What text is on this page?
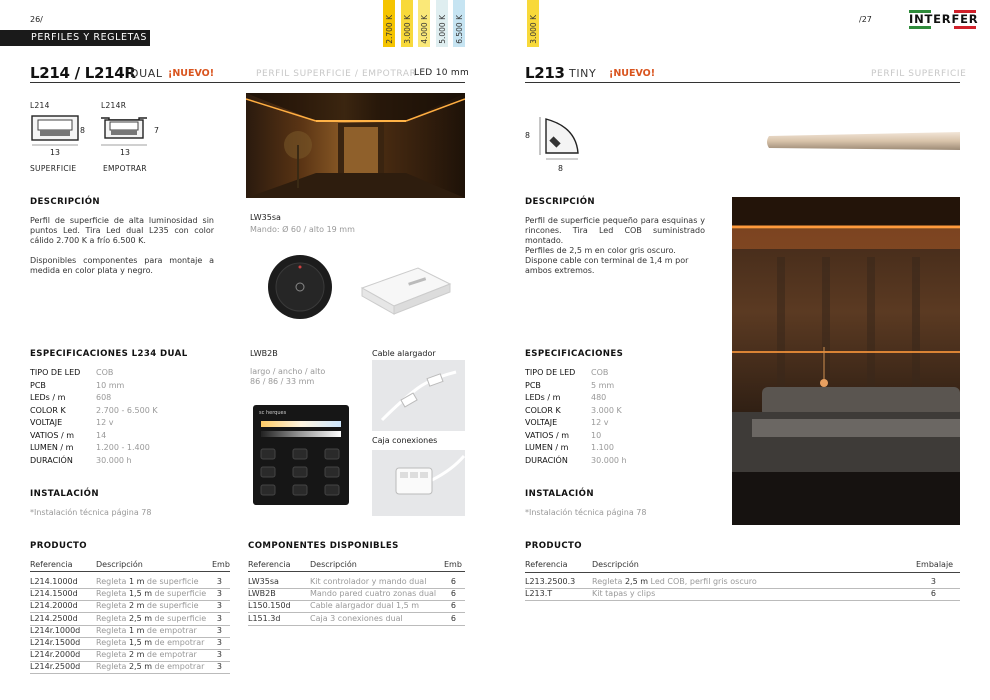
26/
PERFILES Y REGLETAS	2.700 K 3.000 K 4.000 K 5.000 K 6.500 K	3.000 K
L214 / L214R
DUAL ¡NUEVO!	PERFIL SUPERFICIE / EMPOTRAR
LED 10 mm
L214
8
13
SUPERFICIE
L214R
7
13
EMPOTRAR
DESCRIPCIÓN
Perfil de superficie de alta luminosidad sin puntos Led. Tira Led dual L235 con color cálido 2.700 K a frío 6.500 K.
Disponibles componentes para montaje a medida en color plata y negro.
LW35sa
Mando: Ø 60 / alto 19 mm
ESPECIFICACIONES L234 DUAL
TIPO DE LED COB
PCB	10 mm
LEDs / m	608
COLOR K	2.700 - 6.500 K
VOLTAJE	12 v
VATIOS / m	14
LUMEN / m	1.200 - 1.400
DURACIÓN	30.000 h
LWB2B
largo / ancho / alto
86 / 86 / 33 mm
sc herques
Cable alargador
Caja conexiones
INSTALACIÓN
*Instalación técnica página 78
PRODUCTO
Referencia	Descripción	Emb
L214.1000d Regleta 1 m de superficie	3
L214.1500d Regleta 1,5 m de superficie	3
L214.2000d Regleta 2 m de superficie	3
L214.2500d Regleta 2,5 m de superficie	3
L214r.1000d Regleta 1 m de empotrar	3
L214r.1500d Regleta 1,5 m de empotrar	3
L214r.2000d Regleta 2 m de empotrar	3
L214r.2500d Regleta 2,5 m de empotrar	3
COMPONENTES DISPONIBLES
Referencia Descripción	Emb
LW35sa	Kit controlador y mando dual	6
LWB2B	Mando pared cuatro zonas dual	6
L150.150d Cable alargador dual 1,5 m	6
L151.3d	Caja 3 conexiones dual	6
/27	INTERFER
L213 TINY ¡NUEVO!	PERFIL SUPERFICIE
8
8
DESCRIPCIÓN
Perfil de superficie pequeño para esquinas y rincones. Tira Led COB suministrado montado.
Perfiles de 2,5 m en color gris oscuro. Dispone cable con terminal de 1,4 m por ambos extremos.
ESPECIFICACIONES
TIPO DE LED COB
PCB	5 mm
LEDs / m	480
COLOR K	3.000 K
VOLTAJE	12 v
VATIOS / m	10
LUMEN / m	1.100
DURACIÓN	30.000 h
INSTALACIÓN
*Instalación técnica página 78
PRODUCTO
Referencia	Descripción	Embalaje
L213.2500.3 Regleta 2,5 m Led COB, perfil gris oscuro	3
L213.T	Kit tapas y clips	6
